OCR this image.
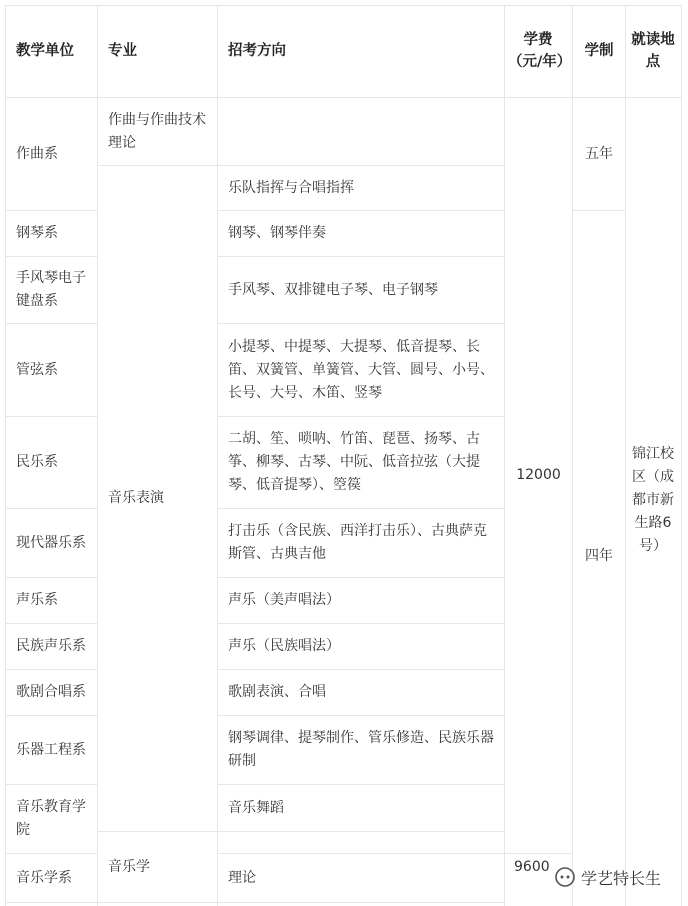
教学单位	专业	招考方向
学费（元/年）
学制
就读地点
作曲系
钢琴系
手风琴电子键盘系
管弦系
民乐系
现代器乐系
声乐系
民族声乐系
歌剧合唱系
乐器工程系
音乐教育学院
音乐学系
作曲与作曲技术理论
音乐表演
音乐学
乐队指挥与合唱指挥
钢琴、钢琴伴奏
手风琴、双排键电子琴、电子钢琴
小提琴、中提琴、大提琴、低音提琴、长笛、双簧管、单簧管、大管、圆号、小号、长号、大号、木笛、竖琴
二胡、笙、唢呐、竹笛、琵琶、扬琴、古筝、柳琴、古琴、中阮、低音拉弦（大提琴、低音提琴）、箜篌
打击乐（含民族、西洋打击乐）、古典萨克斯管、古典吉他
声乐（美声唱法）
声乐（民族唱法）
歌剧表演、合唱
钢琴调律、提琴制作、管乐修造、民族乐器研制
音乐舞蹈
理论
12000
9600
五年
四年
锦江校区（成都市新生路6号）
学艺特长生
